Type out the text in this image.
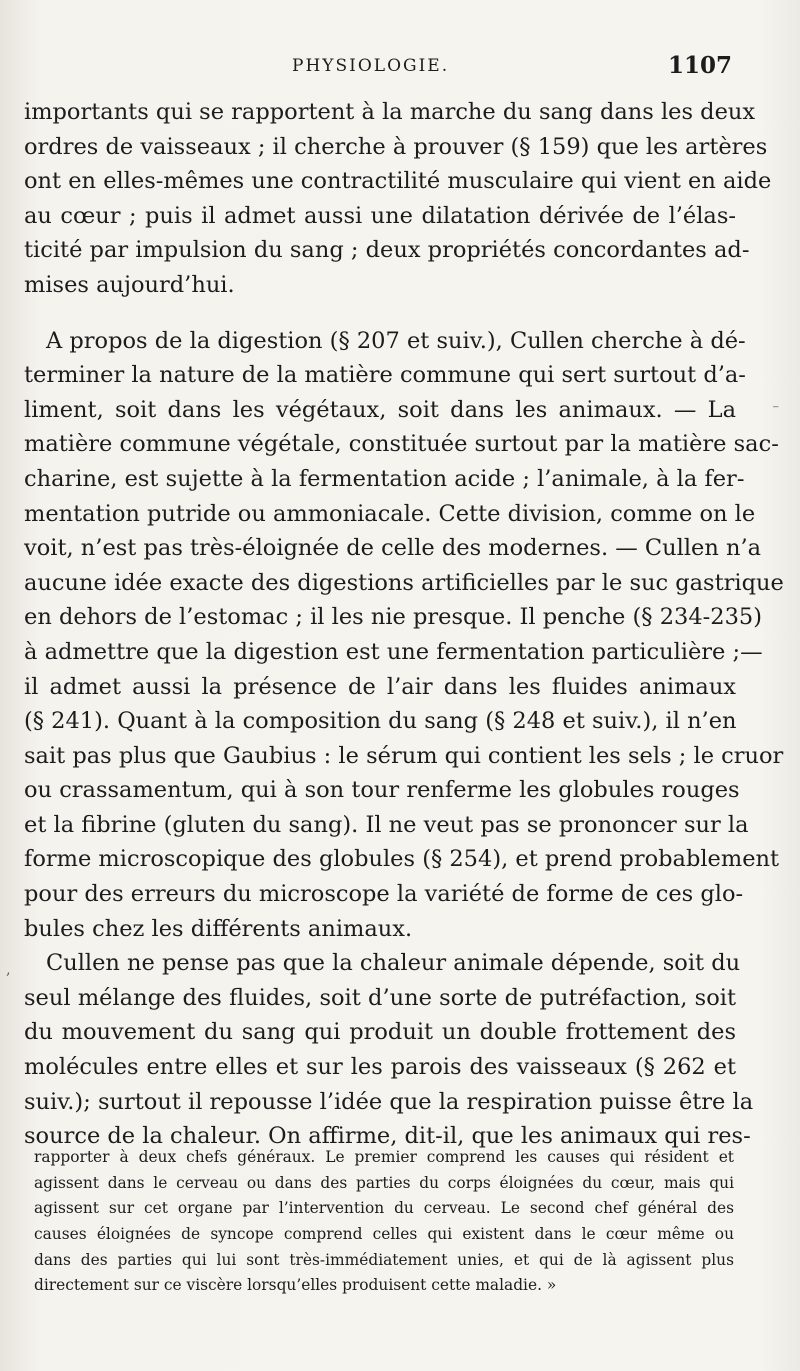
PHYSIOLOGIE.	1107
importants qui se rapportent à la marche du sang dans les deux
ordres de vaisseaux ; il cherche à prouver (§ 159) que les artères
ont en elles-mêmes une contractilité musculaire qui vient en aide
au cœur ; puis il admet aussi une dilatation dérivée de l’élas-
ticité par impulsion du sang ; deux propriétés concordantes ad-
mises aujourd’hui.
A propos de la digestion (§ 207 et suiv.), Cullen cherche à dé-
terminer la nature de la matière commune qui sert surtout d’a-
liment, soit dans les végétaux, soit dans les animaux. — La
matière commune végétale, constituée surtout par la matière sac-
charine, est sujette à la fermentation acide ; l’animale, à la fer-
mentation putride ou ammoniacale. Cette division, comme on le
voit, n’est pas très-éloignée de celle des modernes. — Cullen n’a
aucune idée exacte des digestions artificielles par le suc gastrique
en dehors de l’estomac ; il les nie presque. Il penche (§ 234-235)
à admettre que la digestion est une fermentation particulière ;—
il admet aussi la présence de l’air dans les fluides animaux
(§ 241). Quant à la composition du sang (§ 248 et suiv.), il n’en
sait pas plus que Gaubius : le sérum qui contient les sels ; le cruor
ou crassamentum, qui à son tour renferme les globules rouges
et la fibrine (gluten du sang). Il ne veut pas se prononcer sur la
forme microscopique des globules (§ 254), et prend probablement
pour des erreurs du microscope la variété de forme de ces glo-
bules chez les différents animaux.
Cullen ne pense pas que la chaleur animale dépende, soit du
seul mélange des fluides, soit d’une sorte de putréfaction, soit
du mouvement du sang qui produit un double frottement des
molécules entre elles et sur les parois des vaisseaux (§ 262 et
suiv.); surtout il repousse l’idée que la respiration puisse être la
source de la chaleur. On affirme, dit-il, que les animaux qui res-
rapporter à deux chefs généraux. Le premier comprend les causes qui résident et
agissent dans le cerveau ou dans des parties du corps éloignées du cœur, mais qui
agissent sur cet organe par l’intervention du cerveau. Le second chef général des
causes éloignées de syncope comprend celles qui existent dans le cœur même ou
dans des parties qui lui sont très-immédiatement unies, et qui de là agissent plus
directement sur ce viscère lorsqu’elles produisent cette maladie. »
⁻
‚
